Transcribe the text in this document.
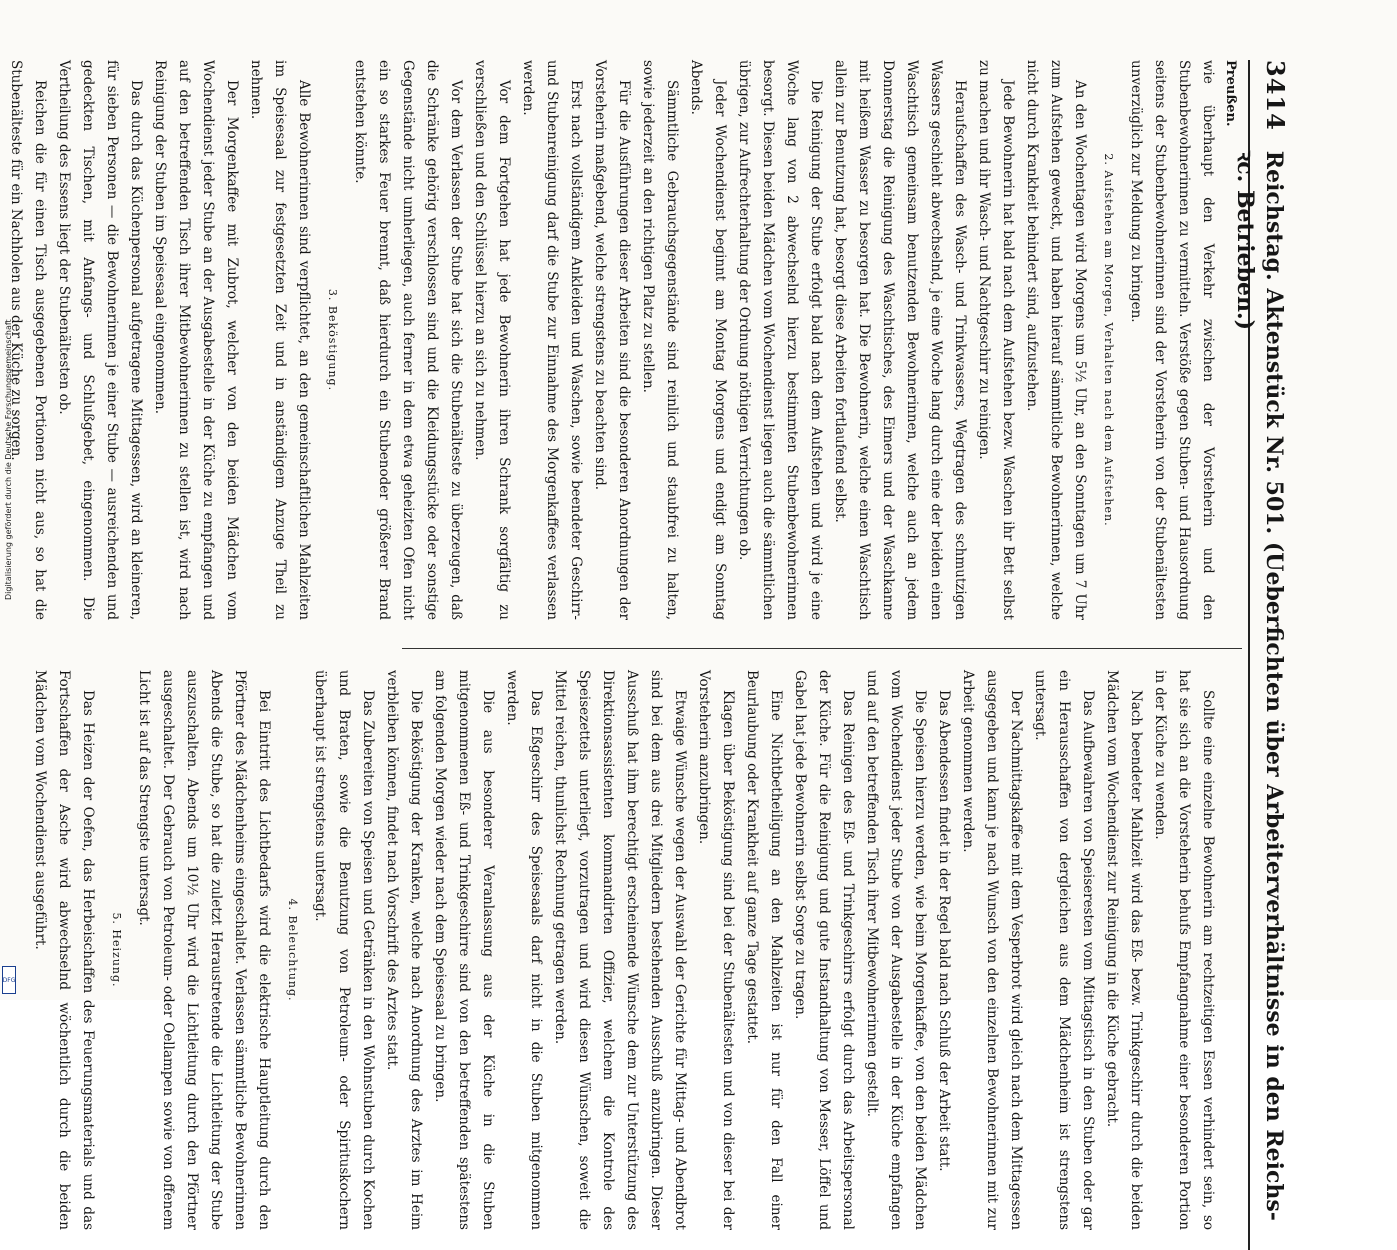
3414
Reichstag. Aktenstück Nr. 501. (Ueberfichten über Arbeiterverhältnisse in den Reichs- ꝛc. Betrieben.)
Preußen.

wie überhaupt den Verkehr zwischen der Vorsteherin und den Stubenbewohnerinnen zu vermitteln. Verstöße gegen Stuben- und Hausordnung seitens der Stubenbewohnerinnen sind der Vorsteherin von der Stubenältesten unverzüglich zur Meldung zu bringen.

2. Aufstehen am Morgen, Verhalten nach dem Aufstehen.

An den Wochentagen wird Morgens um 5½ Uhr, an den Sonntagen um 7 Uhr zum Aufstehen geweckt, und haben hierauf sämmtliche Bewohnerinnen, welche nicht durch Krankheit behindert sind, aufzustehen.

Jede Bewohnerin hat bald nach dem Aufstehen bezw. Waschen ihr Bett selbst zu machen und ihr Wasch- und Nachtgeschirr zu reinigen.

Heraufschaffen des Wasch- und Trinkwassers, Wegtragen des schmutzigen Wassers geschieht abwechselnd, je eine Woche lang durch eine der beiden einen Waschtisch gemeinsam benutzenden Bewohnerinnen, welche auch an jedem Donnerstag die Reinigung des Waschtisches, des Eimers und der Waschkanne mit heißem Wasser zu besorgen hat. Die Bewohnerin, welche einen Waschtisch allein zur Benutzung hat, besorgt diese Arbeiten fortlaufend selbst.

Die Reinigung der Stube erfolgt bald nach dem Aufstehen und wird je eine Woche lang von 2 abwechselnd hierzu bestimmten Stubenbewohnerinnen besorgt. Diesen beiden Mädchen vom Wochendienst liegen auch die sämmtlichen übrigen, zur Aufrechterhaltung der Ordnung nöthigen Verrichtungen ob.

Jeder Wochendienst beginnt am Montag Morgens und endigt am Sonntag Abends.

Sämmtliche Gebrauchsgegenstände sind reinlich und staubfrei zu halten, sowie jederzeit an den richtigen Platz zu stellen.

Für die Ausführungen dieser Arbeiten sind die besonderen Anordnungen der Vorsteherin maßgebend, welche strengstens zu beachten sind.

Erst nach vollständigem Ankleiden und Waschen, sowie beendeter Geschirr- und Stubenreinigung darf die Stube zur Einnahme des Morgenkaffees verlassen werden.

Vor dem Fortgehen hat jede Bewohnerin ihren Schrank sorgfältig zu verschließen und den Schlüssel hierzu an sich zu nehmen.

Vor dem Verlassen der Stube hat sich die Stubenälteste zu überzeugen, daß die Schränke gehörig verschlossen sind und die Kleidungsstücke oder sonstige Gegenstände nicht umherliegen, auch ferner in dem etwa geheizten Ofen nicht ein so starkes Feuer brennt, daß hierdurch ein Stubenoder größerer Brand entstehen könnte.

3. Beköstigung.

Alle Bewohnerinnen sind verpflichtet, an den gemeinschaftlichen Mahlzeiten im Speisesaal zur festgesetzten Zeit und in anständigem Anzuge Theil zu nehmen.

Der Morgenkaffee mit Zubrot, welcher von den beiden Mädchen vom Wochendienst jeder Stube an der Ausgabestelle in der Küche zu empfangen und auf den betreffenden Tisch ihrer Mitbewohnerinnen zu stellen ist, wird nach Reinigung der Stuben im Speisesaal eingenommen.

Das durch das Küchenpersonal aufgetragene Mittagessen, wird an kleineren, für sieben Personen — die Bewohnerinnen je einer Stube — ausreichenden und gedeckten Tischen, mit Anfangs- und Schlußgebet, eingenommen. Die Vertheilung des Essens liegt der Stubenältesten ob.

Reichen die für einen Tisch ausgegebenen Portionen nicht aus, so hat die Stubenälteste für ein Nachholen aus der Küche zu sorgen.

Sollte eine einzelne Bewohnerin am rechtzeitigen Essen verhindert sein, so hat sie sich an die Vorsteherin behufs Empfangnahme einer besonderen Portion in der Küche zu wenden.

Nach beendeter Mahlzeit wird das Eß- bezw. Trinkgeschirr durch die beiden Mädchen vom Wochendienst zur Reinigung in die Küche gebracht.

Das Aufbewahren von Speiseresten vom Mittagstisch in den Stuben oder gar ein Herausschaffen von dergleichen aus dem Mädchenheim ist strengstens untersagt.

Der Nachmittagskaffee mit dem Vesperbrot wird gleich nach dem Mittagessen ausgegeben und kann je nach Wunsch von den einzelnen Bewohnerinnen mit zur Arbeit genommen werden.

Das Abendessen findet in der Regel bald nach Schluß der Arbeit statt.

Die Speisen hierzu werden, wie beim Morgenkaffee, von den beiden Mädchen vom Wochendienst jeder Stube von der Ausgabestelle in der Küche empfangen und auf den betreffenden Tisch ihrer Mitbewohnerinnen gestellt.

Das Reinigen des Eß- und Trinkgeschirrs erfolgt durch das Arbeitspersonal der Küche. Für die Reinigung und gute Instandhaltung von Messer, Löffel und Gabel hat jede Bewohnerin selbst Sorge zu tragen.

Eine Nichtbetheiligung an den Mahlzeiten ist nur für den Fall einer Beurlaubung oder Krankheit auf ganze Tage gestattet.

Klagen über Beköstigung sind bei der Stubenältesten und von dieser bei der Vorsteherin anzubringen.

Etwaige Wünsche wegen der Auswahl der Gerichte für Mittag- und Abendbrot sind bei dem aus drei Mitgliedern bestehenden Ausschuß anzubringen. Dieser Ausschuß hat ihm berechtigt erscheinende Wünsche dem zur Unterstützung des Direktionsassistenten kommandirten Offizier, welchem die Kontrole des Speisezettels unterliegt, vorzutragen und wird diesen Wünschen, soweit die Mittel reichen, thunlichst Rechnung getragen werden.

Das Eßgeschirr des Speisesaals darf nicht in die Stuben mitgenommen werden.

Die aus besonderer Veranlassung aus der Küche in die Stuben mitgenommenen Eß- und Trinkgeschirre sind von den betreffenden spätestens am folgenden Morgen wieder nach dem Speisesaal zu bringen.

Die Beköstigung der Kranken, welche nach Anordnung des Arztes im Heim verbleiben können, findet nach Vorschrift des Arztes statt.

Das Zubereiten von Speisen und Getränken in den Wohnstuben durch Kochen und Braten, sowie die Benutzung von Petroleum- oder Spirituskochern überhaupt ist strengstens untersagt.

4. Beleuchtung.

Bei Eintritt des Lichtbedarfs wird die elektrische Hauptleitung durch den Pförtner des Mädchenheims eingeschaltet. Verlassen sämmtliche Bewohnerinnen Abends die Stube, so hat die zuletzt Heraustretende die Lichtleitung der Stube auszuschalten. Abends um 10½ Uhr wird die Lichtleitung durch den Pförtner ausgeschaltet. Der Gebrauch von Petroleum- oder Oellampen sowie von offenem Licht ist auf das Strengste untersagt.

5. Heizung.

Das Heizen der Oefen, das Herbeischaffen des Feuerungsmaterials und das Fortschaffen der Asche wird abwechselnd wöchentlich durch die beiden Mädchen vom Wochendienst ausgeführt.

Digitalisierung gefördert durch die Deutsche Forschungsgemeinschaft
DFG
